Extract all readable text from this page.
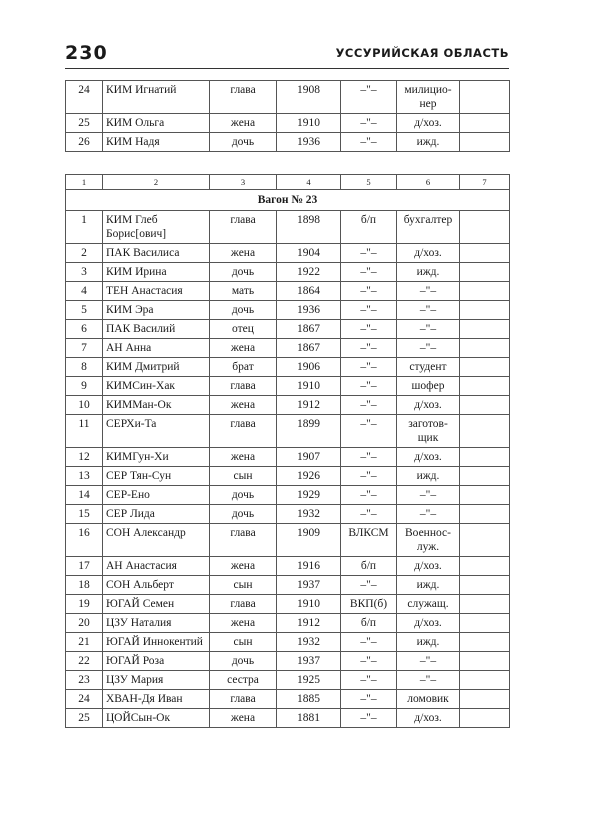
230	УССУРИЙСКАЯ ОБЛАСТЬ
24	КИМ Игнатий	глава	1908	–"–	милицио-нер	
25	КИМ Ольга	жена	1910	–"–	д/хоз.	
26	КИМ Надя	дочь	1936	–"–	ижд.	
1	2	3	4	5	6	7
Вагон № 23						
1	КИМ Глеб Борис[ович]	глава	1898	б/п	бухгалтер	
2	ПАК Василиса	жена	1904	–"–	д/хоз.	
3	КИМ Ирина	дочь	1922	–"–	ижд.	
4	ТЕН Анастасия	мать	1864	–"–	–"–	
5	КИМ Эра	дочь	1936	–"–	–"–	
6	ПАК Василий	отец	1867	–"–	–"–	
7	АН Анна	жена	1867	–"–	–"–	
8	КИМ Дмитрий	брат	1906	–"–	студент	
9	КИМСин-Хак	глава	1910	–"–	шофер	
10	КИММан-Ок	жена	1912	–"–	д/хоз.	
11	СЕРХи-Та	глава	1899	–"–	заготов-щик	
12	КИМГун-Хи	жена	1907	–"–	д/хоз.	
13	СЕР Тян-Сун	сын	1926	–"–	ижд.	
14	СЕР-Ено	дочь	1929	–"–	–"–	
15	СЕР Лида	дочь	1932	–"–	–"–	
16	СОН Александр	глава	1909	ВЛКСМ	Военнос-луж.	
17	АН Анастасия	жена	1916	б/п	д/хоз.	
18	СОН Альберт	сын	1937	–"–	ижд.	
19	ЮГАЙ Семен	глава	1910	ВКП(б)	служащ.	
20	ЦЗУ Наталия	жена	1912	б/п	д/хоз.	
21	ЮГАЙ Иннокентий	сын	1932	–"–	ижд.	
22	ЮГАЙ Роза	дочь	1937	–"–	–"–	
23	ЦЗУ Мария	сестра	1925	–"–	–"–	
24	ХВАН-Дя Иван	глава	1885	–"–	ломовик	
25	ЦОЙСын-Ок	жена	1881	–"–	д/хоз.	
